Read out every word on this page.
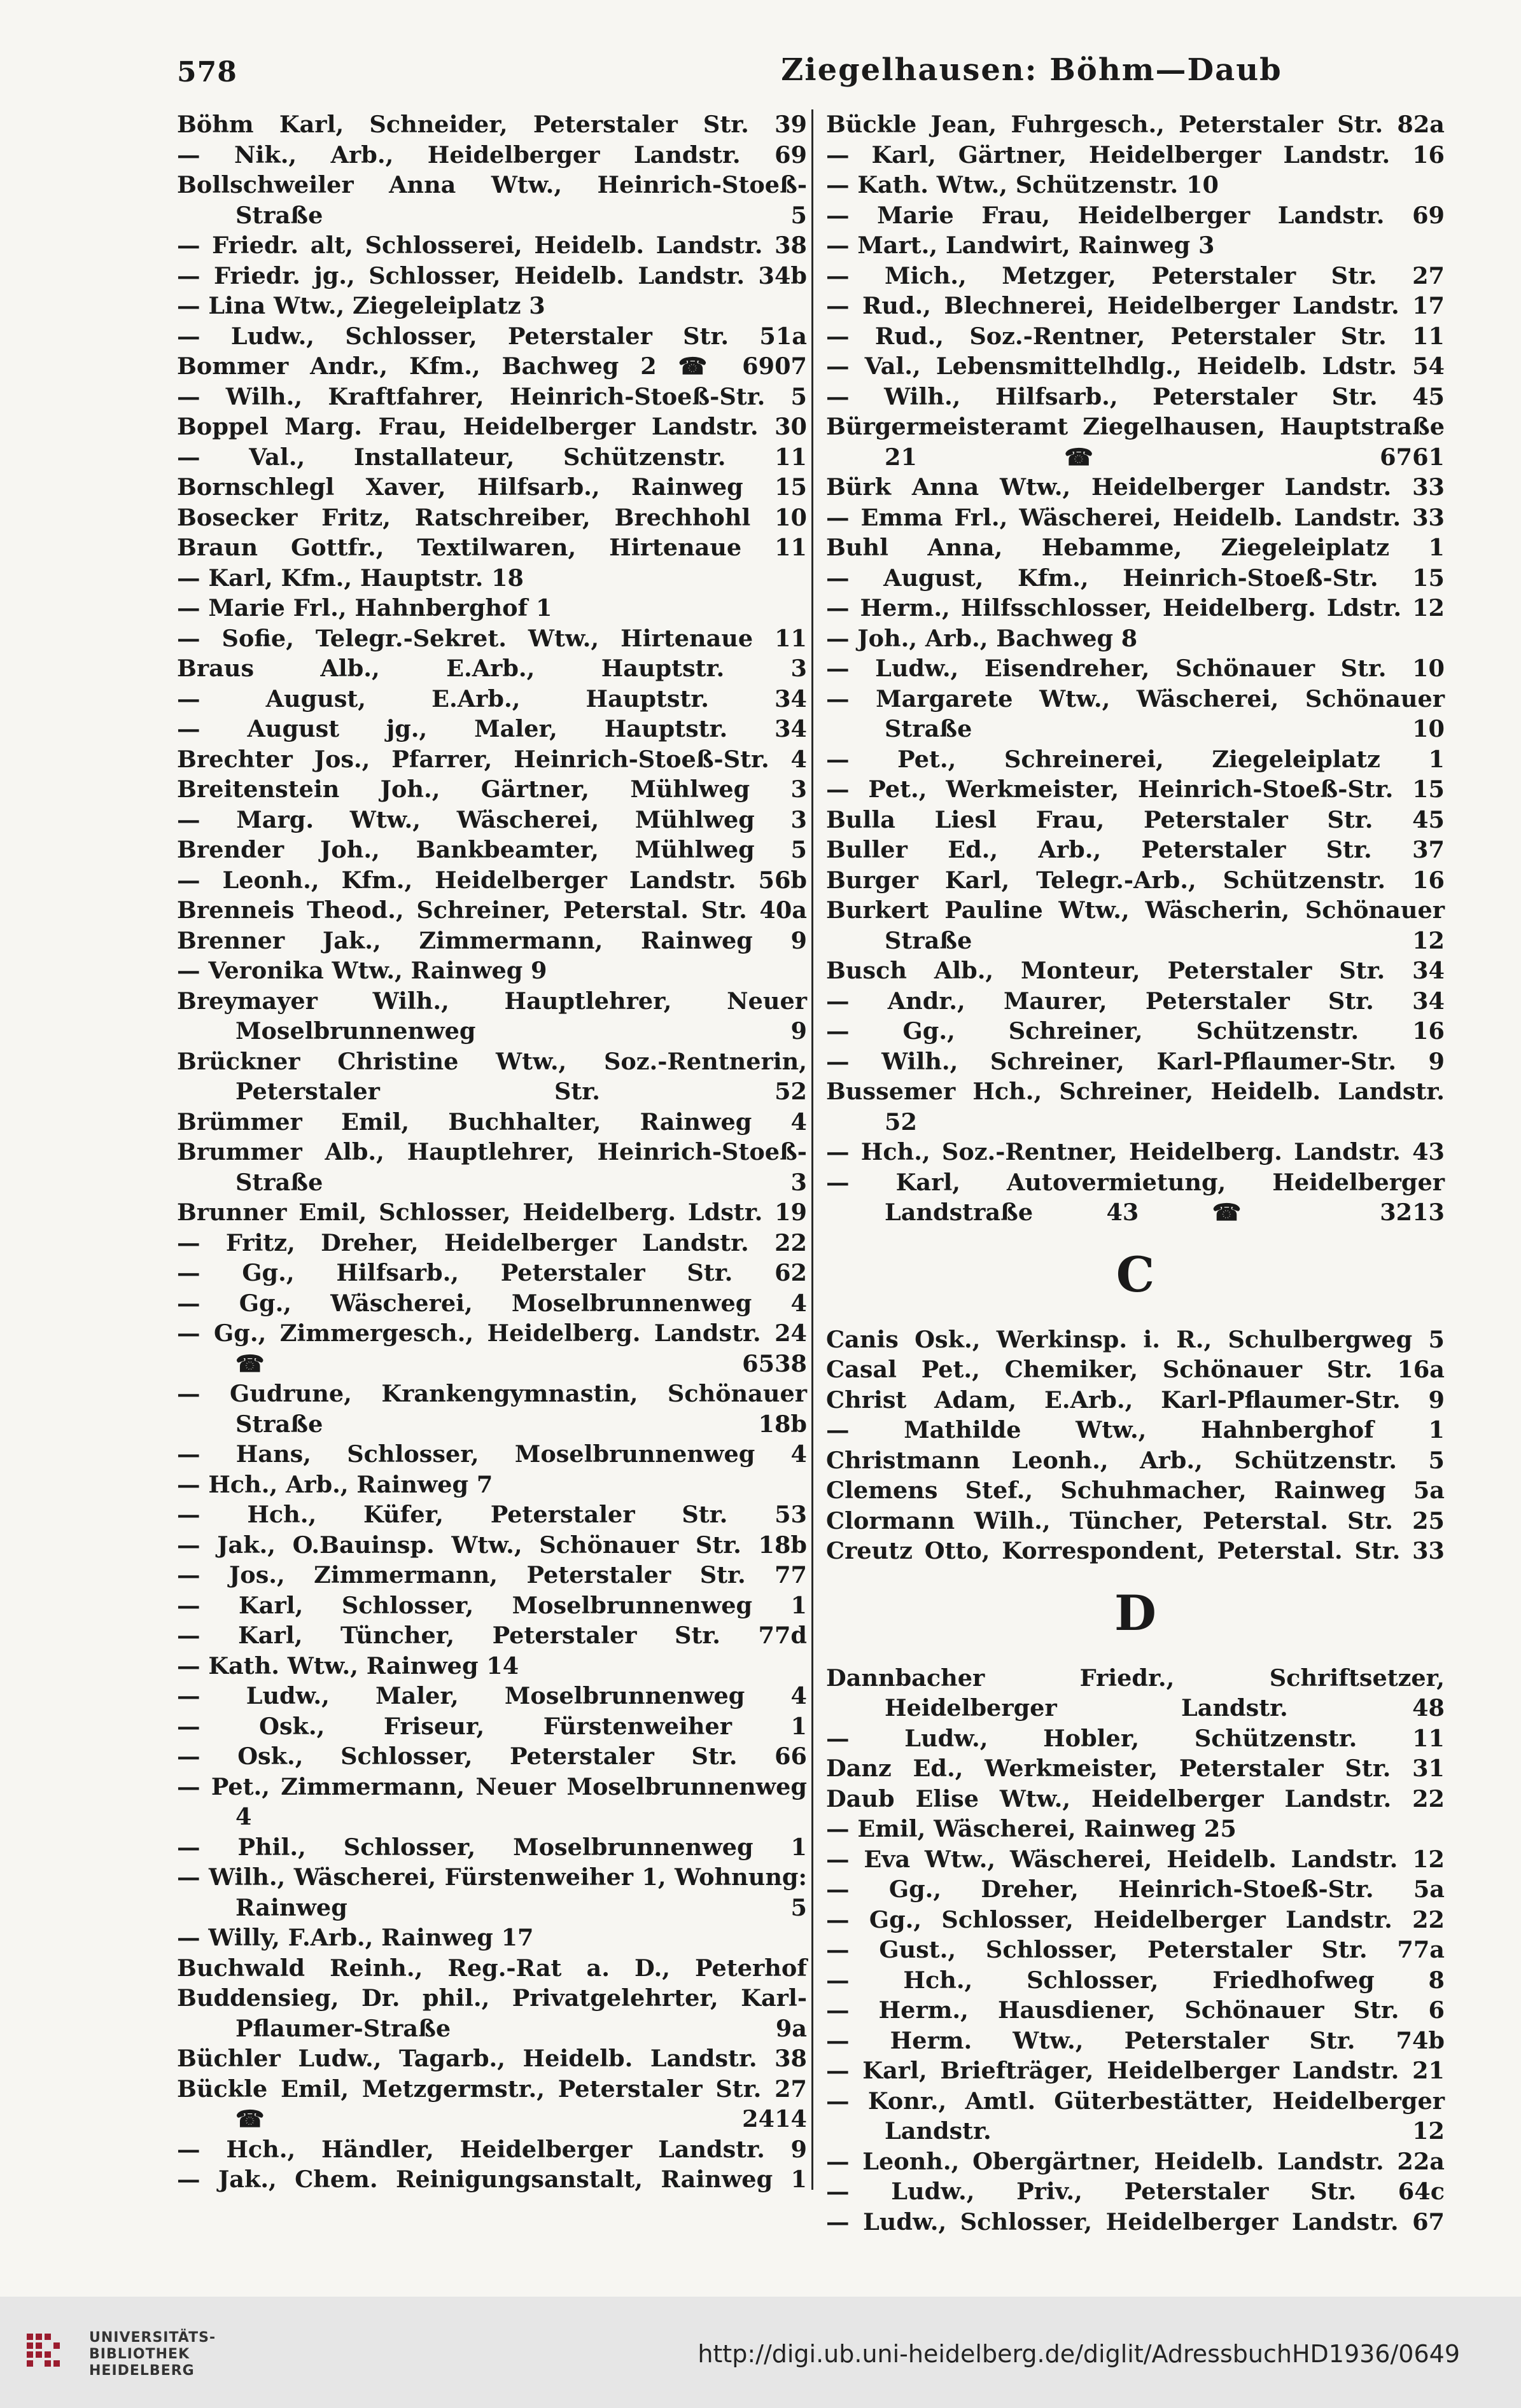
578	Ziegelhausen: Böhm—Daub
Böhm Karl, Schneider, Peterstaler Str. 39
— Nik., Arb., Heidelberger Landstr. 69
Bollschweiler Anna Wtw., Heinrich-Stoeß-Straße 5
— Friedr. alt, Schlosserei, Heidelb. Landstr. 38
— Friedr. jg., Schlosser, Heidelb. Landstr. 34b
— Lina Wtw., Ziegeleiplatz 3
— Ludw., Schlosser, Peterstaler Str. 51a
Bommer Andr., Kfm., Bachweg 2 ☎ 6907
— Wilh., Kraftfahrer, Heinrich-Stoeß-Str. 5
Boppel Marg. Frau, Heidelberger Landstr. 30
— Val., Installateur, Schützenstr. 11
Bornschlegl Xaver, Hilfsarb., Rainweg 15
Bosecker Fritz, Ratschreiber, Brechhohl 10
Braun Gottfr., Textilwaren, Hirtenaue 11
— Karl, Kfm., Hauptstr. 18
— Marie Frl., Hahnberghof 1
— Sofie, Telegr.-Sekret. Wtw., Hirtenaue 11
Braus Alb., E.Arb., Hauptstr. 3
— August, E.Arb., Hauptstr. 34
— August jg., Maler, Hauptstr. 34
Brechter Jos., Pfarrer, Heinrich-Stoeß-Str. 4
Breitenstein Joh., Gärtner, Mühlweg 3
— Marg. Wtw., Wäscherei, Mühlweg 3
Brender Joh., Bankbeamter, Mühlweg 5
— Leonh., Kfm., Heidelberger Landstr. 56b
Brenneis Theod., Schreiner, Peterstal. Str. 40a
Brenner Jak., Zimmermann, Rainweg 9
— Veronika Wtw., Rainweg 9
Breymayer Wilh., Hauptlehrer, Neuer Moselbrunnenweg 9
Brückner Christine Wtw., Soz.-Rentnerin, Peterstaler Str. 52
Brümmer Emil, Buchhalter, Rainweg 4
Brummer Alb., Hauptlehrer, Heinrich-Stoeß-Straße 3
Brunner Emil, Schlosser, Heidelberg. Ldstr. 19
— Fritz, Dreher, Heidelberger Landstr. 22
— Gg., Hilfsarb., Peterstaler Str. 62
— Gg., Wäscherei, Moselbrunnenweg 4
— Gg., Zimmergesch., Heidelberg. Landstr. 24 ☎ 6538
— Gudrune, Krankengymnastin, Schönauer Straße 18b
— Hans, Schlosser, Moselbrunnenweg 4
— Hch., Arb., Rainweg 7
— Hch., Küfer, Peterstaler Str. 53
— Jak., O.Bauinsp. Wtw., Schönauer Str. 18b
— Jos., Zimmermann, Peterstaler Str. 77
— Karl, Schlosser, Moselbrunnenweg 1
— Karl, Tüncher, Peterstaler Str. 77d
— Kath. Wtw., Rainweg 14
— Ludw., Maler, Moselbrunnenweg 4
— Osk., Friseur, Fürstenweiher 1
— Osk., Schlosser, Peterstaler Str. 66
— Pet., Zimmermann, Neuer Moselbrunnenweg 4
— Phil., Schlosser, Moselbrunnenweg 1
— Wilh., Wäscherei, Fürstenweiher 1, Wohnung: Rainweg 5
— Willy, F.Arb., Rainweg 17
Buchwald Reinh., Reg.-Rat a. D., Peterhof
Buddensieg, Dr. phil., Privatgelehrter, Karl-Pflaumer-Straße 9a
Büchler Ludw., Tagarb., Heidelb. Landstr. 38
Bückle Emil, Metzgermstr., Peterstaler Str. 27 ☎ 2414
— Hch., Händler, Heidelberger Landstr. 9
— Jak., Chem. Reinigungsanstalt, Rainweg 1
Bückle Jean, Fuhrgesch., Peterstaler Str. 82a
— Karl, Gärtner, Heidelberger Landstr. 16
— Kath. Wtw., Schützenstr. 10
— Marie Frau, Heidelberger Landstr. 69
— Mart., Landwirt, Rainweg 3
— Mich., Metzger, Peterstaler Str. 27
— Rud., Blechnerei, Heidelberger Landstr. 17
— Rud., Soz.-Rentner, Peterstaler Str. 11
— Val., Lebensmittelhdlg., Heidelb. Ldstr. 54
— Wilh., Hilfsarb., Peterstaler Str. 45
Bürgermeisteramt Ziegelhausen, Hauptstraße 21 ☎ 6761
Bürk Anna Wtw., Heidelberger Landstr. 33
— Emma Frl., Wäscherei, Heidelb. Landstr. 33
Buhl Anna, Hebamme, Ziegeleiplatz 1
— August, Kfm., Heinrich-Stoeß-Str. 15
— Herm., Hilfsschlosser, Heidelberg. Ldstr. 12
— Joh., Arb., Bachweg 8
— Ludw., Eisendreher, Schönauer Str. 10
— Margarete Wtw., Wäscherei, Schönauer Straße 10
— Pet., Schreinerei, Ziegeleiplatz 1
— Pet., Werkmeister, Heinrich-Stoeß-Str. 15
Bulla Liesl Frau, Peterstaler Str. 45
Buller Ed., Arb., Peterstaler Str. 37
Burger Karl, Telegr.-Arb., Schützenstr. 16
Burkert Pauline Wtw., Wäscherin, Schönauer Straße 12
Busch Alb., Monteur, Peterstaler Str. 34
— Andr., Maurer, Peterstaler Str. 34
— Gg., Schreiner, Schützenstr. 16
— Wilh., Schreiner, Karl-Pflaumer-Str. 9
Bussemer Hch., Schreiner, Heidelb. Landstr. 52
— Hch., Soz.-Rentner, Heidelberg. Landstr. 43
— Karl, Autovermietung, Heidelberger Landstraße 43 ☎ 3213
C
Canis Osk., Werkinsp. i. R., Schulbergweg 5
Casal Pet., Chemiker, Schönauer Str. 16a
Christ Adam, E.Arb., Karl-Pflaumer-Str. 9
— Mathilde Wtw., Hahnberghof 1
Christmann Leonh., Arb., Schützenstr. 5
Clemens Stef., Schuhmacher, Rainweg 5a
Clormann Wilh., Tüncher, Peterstal. Str. 25
Creutz Otto, Korrespondent, Peterstal. Str. 33
D
Dannbacher Friedr., Schriftsetzer, Heidelberger Landstr. 48
— Ludw., Hobler, Schützenstr. 11
Danz Ed., Werkmeister, Peterstaler Str. 31
Daub Elise Wtw., Heidelberger Landstr. 22
— Emil, Wäscherei, Rainweg 25
— Eva Wtw., Wäscherei, Heidelb. Landstr. 12
— Gg., Dreher, Heinrich-Stoeß-Str. 5a
— Gg., Schlosser, Heidelberger Landstr. 22
— Gust., Schlosser, Peterstaler Str. 77a
— Hch., Schlosser, Friedhofweg 8
— Herm., Hausdiener, Schönauer Str. 6
— Herm. Wtw., Peterstaler Str. 74b
— Karl, Briefträger, Heidelberger Landstr. 21
— Konr., Amtl. Güterbestätter, Heidelberger Landstr. 12
— Leonh., Obergärtner, Heidelb. Landstr. 22a
— Ludw., Priv., Peterstaler Str. 64c
— Ludw., Schlosser, Heidelberger Landstr. 67
UNIVERSITÄTS-
BIBLIOTHEK
HEIDELBERG
http://digi.ub.uni-heidelberg.de/diglit/AdressbuchHD1936/0649
